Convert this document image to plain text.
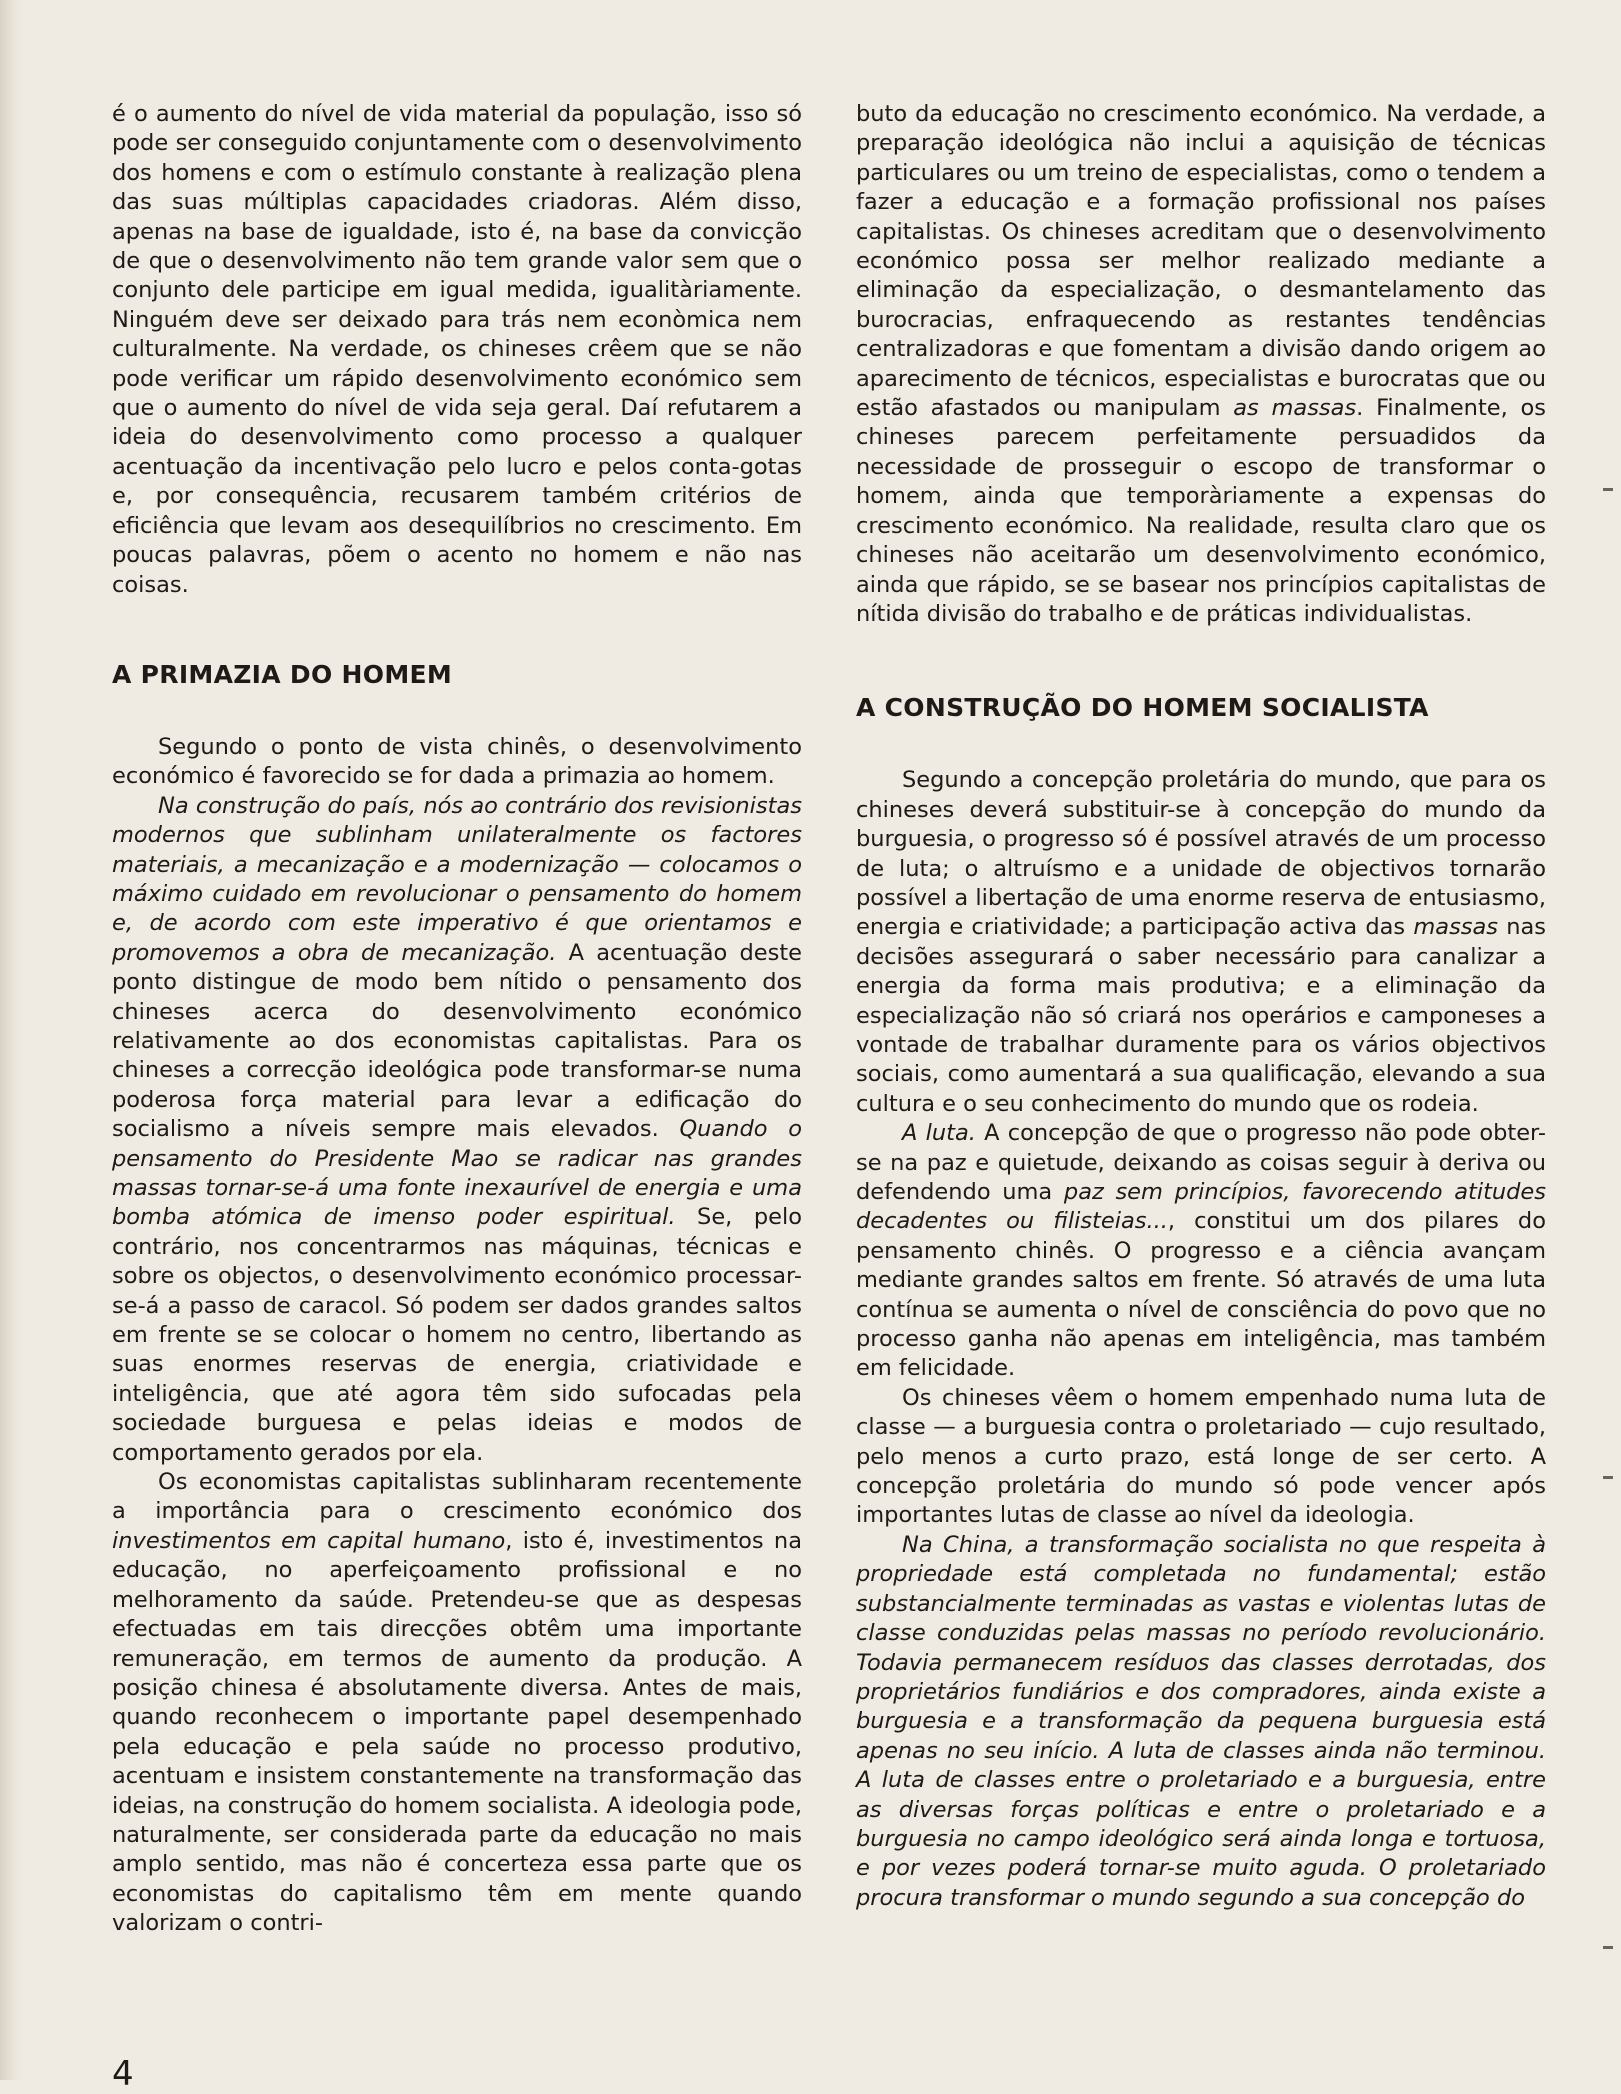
é o aumento do nível de vida material da população, isso só pode ser conseguido conjuntamente com o desenvolvimento dos homens e com o estímulo constante à realização plena das suas múltiplas capacidades criadoras. Além disso, apenas na base de igualdade, isto é, na base da convicção de que o desenvolvimento não tem grande valor sem que o conjunto dele participe em igual medida, igualitàriamente. Ninguém deve ser deixado para trás nem econòmica nem culturalmente. Na verdade, os chineses crêem que se não pode verificar um rápido desenvolvimento económico sem que o aumento do nível de vida seja geral. Daí refutarem a ideia do desenvolvimento como processo a qualquer acentuação da incentivação pelo lucro e pelos conta-gotas e, por consequência, recusarem também critérios de eficiência que levam aos desequilíbrios no crescimento. Em poucas palavras, põem o acento no homem e não nas coisas.

A PRIMAZIA DO HOMEM

Segundo o ponto de vista chinês, o desenvolvimento económico é favorecido se for dada a primazia ao homem.

Na construção do país, nós ao contrário dos revisionistas modernos que sublinham unilateralmente os factores materiais, a mecanização e a modernização — colocamos o máximo cuidado em revolucionar o pensamento do homem e, de acordo com este imperativo é que orientamos e promovemos a obra de mecanização. A acentuação deste ponto distingue de modo bem nítido o pensamento dos chineses acerca do desenvolvimento económico relativamente ao dos economistas capitalistas. Para os chineses a correcção ideológica pode transformar-se numa poderosa força material para levar a edificação do socialismo a níveis sempre mais elevados. Quando o pensamento do Presidente Mao se radicar nas grandes massas tornar-se-á uma fonte inexaurível de energia e uma bomba atómica de imenso poder espiritual. Se, pelo contrário, nos concentrarmos nas máquinas, técnicas e sobre os objectos, o desenvolvimento económico processar-se-á a passo de caracol. Só podem ser dados grandes saltos em frente se se colocar o homem no centro, libertando as suas enormes reservas de energia, criatividade e inteligência, que até agora têm sido sufocadas pela sociedade burguesa e pelas ideias e modos de comportamento gerados por ela.

Os economistas capitalistas sublinharam recentemente a importância para o crescimento económico dos investimentos em capital humano, isto é, investimentos na educação, no aperfeiçoamento profissional e no melhoramento da saúde. Pretendeu-se que as despesas efectuadas em tais direcções obtêm uma importante remuneração, em termos de aumento da produção. A posição chinesa é absolutamente diversa. Antes de mais, quando reconhecem o importante papel desempenhado pela educação e pela saúde no processo produtivo, acentuam e insistem constantemente na transformação das ideias, na construção do homem socialista. A ideologia pode, naturalmente, ser considerada parte da educação no mais amplo sentido, mas não é concerteza essa parte que os economistas do capitalismo têm em mente quando valorizam o contri-

buto da educação no crescimento económico. Na verdade, a preparação ideológica não inclui a aquisição de técnicas particulares ou um treino de especialistas, como o tendem a fazer a educação e a formação profissional nos países capitalistas. Os chineses acreditam que o desenvolvimento económico possa ser melhor realizado mediante a eliminação da especialização, o desmantelamento das burocracias, enfraquecendo as restantes tendências centralizadoras e que fomentam a divisão dando origem ao aparecimento de técnicos, especialistas e burocratas que ou estão afastados ou manipulam as massas. Finalmente, os chineses parecem perfeitamente persuadidos da necessidade de prosseguir o escopo de transformar o homem, ainda que temporàriamente a expensas do crescimento económico. Na realidade, resulta claro que os chineses não aceitarão um desenvolvimento económico, ainda que rápido, se se basear nos princípios capitalistas de nítida divisão do trabalho e de práticas individualistas.

A CONSTRUÇÃO DO HOMEM SOCIALISTA

Segundo a concepção proletária do mundo, que para os chineses deverá substituir-se à concepção do mundo da burguesia, o progresso só é possível através de um processo de luta; o altruísmo e a unidade de objectivos tornarão possível a libertação de uma enorme reserva de entusiasmo, energia e criatividade; a participação activa das massas nas decisões assegurará o saber necessário para canalizar a energia da forma mais produtiva; e a eliminação da especialização não só criará nos operários e camponeses a vontade de trabalhar duramente para os vários objectivos sociais, como aumentará a sua qualificação, elevando a sua cultura e o seu conhecimento do mundo que os rodeia.

A luta. A concepção de que o progresso não pode obter-se na paz e quietude, deixando as coisas seguir à deriva ou defendendo uma paz sem princípios, favorecendo atitudes decadentes ou filisteias..., constitui um dos pilares do pensamento chinês. O progresso e a ciência avançam mediante grandes saltos em frente. Só através de uma luta contínua se aumenta o nível de consciência do povo que no processo ganha não apenas em inteligência, mas também em felicidade.

Os chineses vêem o homem empenhado numa luta de classe — a burguesia contra o proletariado — cujo resultado, pelo menos a curto prazo, está longe de ser certo. A concepção proletária do mundo só pode vencer após importantes lutas de classe ao nível da ideologia.

Na China, a transformação socialista no que respeita à propriedade está completada no fundamental; estão substancialmente terminadas as vastas e violentas lutas de classe conduzidas pelas massas no período revolucionário. Todavia permanecem resíduos das classes derrotadas, dos proprietários fundiários e dos compradores, ainda existe a burguesia e a transformação da pequena burguesia está apenas no seu início. A luta de classes ainda não terminou. A luta de classes entre o proletariado e a burguesia, entre as diversas forças políticas e entre o proletariado e a burguesia no campo ideológico será ainda longa e tortuosa, e por vezes poderá tornar-se muito aguda. O proletariado procura transformar o mundo segundo a sua concepção do

4
